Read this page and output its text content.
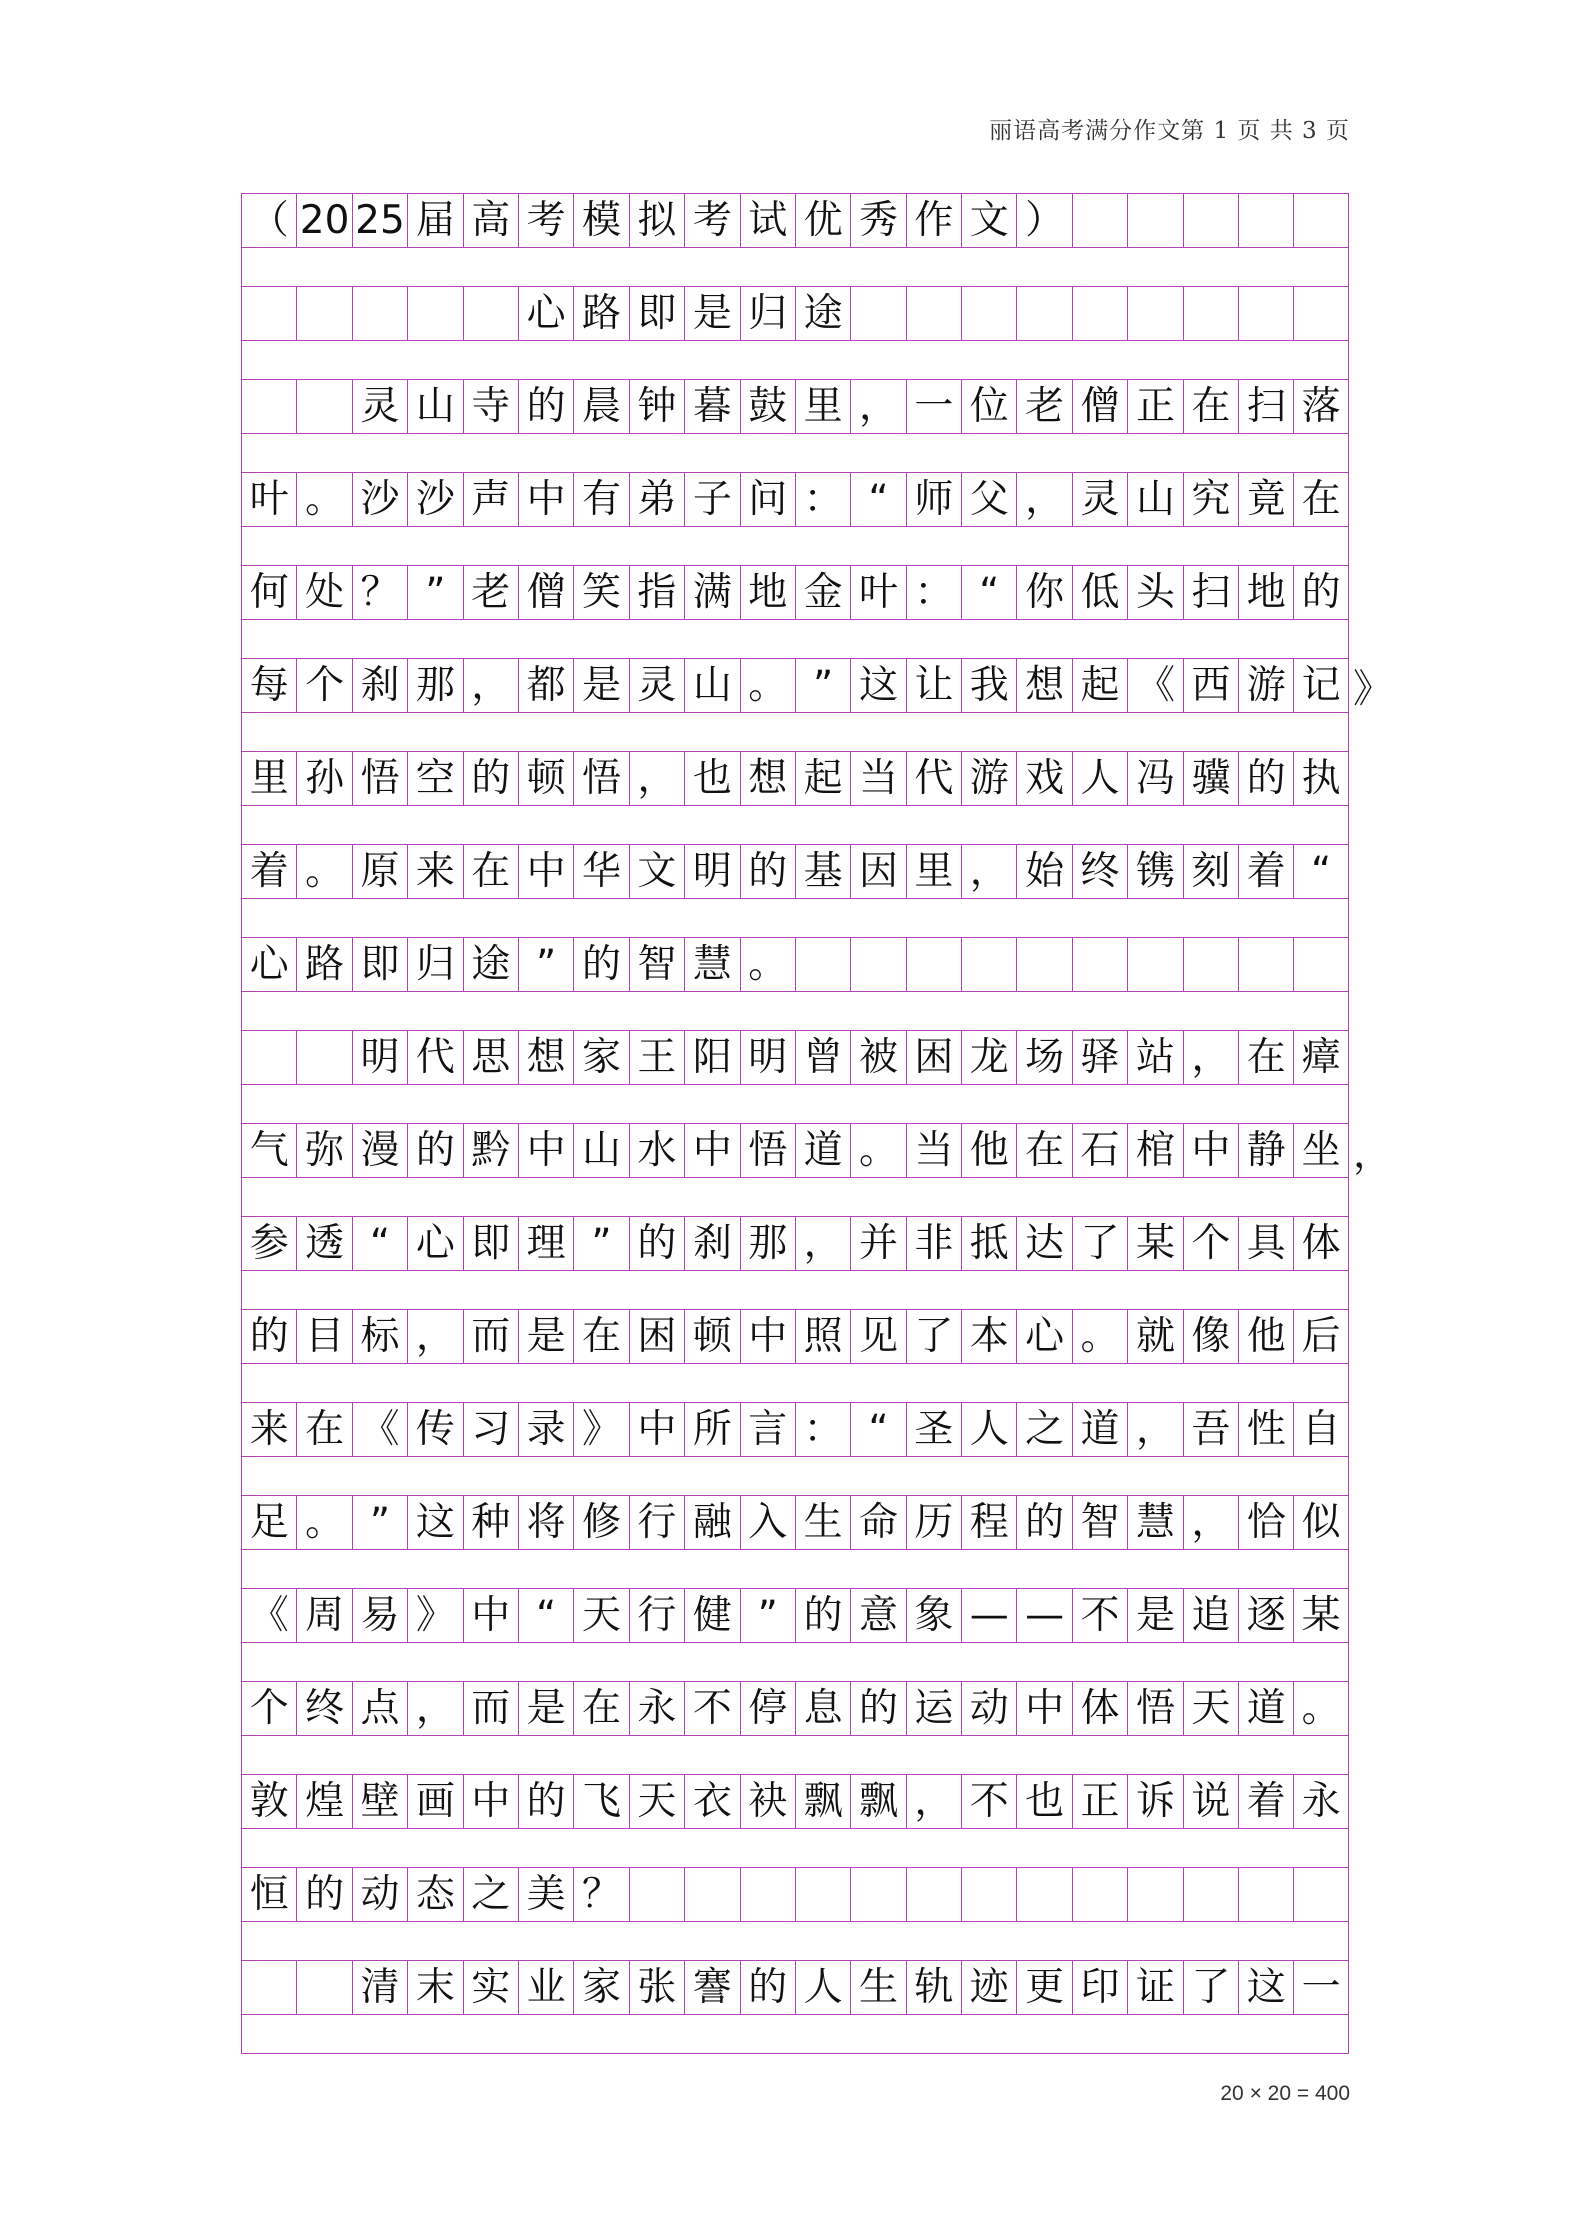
丽语高考满分作文第 1 页 共 3 页
（ 20 25 届 高 考 模 拟 考 试 优 秀 作 文 ）
心 路 即 是 归 途
灵 山 寺 的 晨 钟 暮 鼓 里 ， 一 位 老 僧 正 在 扫 落
叶 。 沙 沙 声 中 有 弟 子 问 ： “ 师 父 ， 灵 山 究 竟 在
何 处 ？ ” 老 僧 笑 指 满 地 金 叶 ： “ 你 低 头 扫 地 的
每 个 刹 那 ， 都 是 灵 山 。 ” 这 让 我 想 起 《 西 游 记 》
里 孙 悟 空 的 顿 悟 ， 也 想 起 当 代 游 戏 人 冯 骥 的 执
着 。 原 来 在 中 华 文 明 的 基 因 里 ， 始 终 镌 刻 着 “
心 路 即 归 途 ” 的 智 慧 。
明 代 思 想 家 王 阳 明 曾 被 困 龙 场 驿 站 ， 在 瘴
气 弥 漫 的 黔 中 山 水 中 悟 道 。 当 他 在 石 棺 中 静 坐 ，
参 透 “ 心 即 理 ” 的 刹 那 ， 并 非 抵 达 了 某 个 具 体
的 目 标 ， 而 是 在 困 顿 中 照 见 了 本 心 。 就 像 他 后
来 在 《 传 习 录 》 中 所 言 ： “ 圣 人 之 道 ， 吾 性 自
足 。 ” 这 种 将 修 行 融 入 生 命 历 程 的 智 慧 ， 恰 似
《 周 易 》 中 “ 天 行 健 ” 的 意 象 — — 不 是 追 逐 某
个 终 点 ， 而 是 在 永 不 停 息 的 运 动 中 体 悟 天 道 。
敦 煌 壁 画 中 的 飞 天 衣 袂 飘 飘 ， 不 也 正 诉 说 着 永
恒 的 动 态 之 美 ？
清 末 实 业 家 张 謇 的 人 生 轨 迹 更 印 证 了 这 一
20 × 20 = 400
